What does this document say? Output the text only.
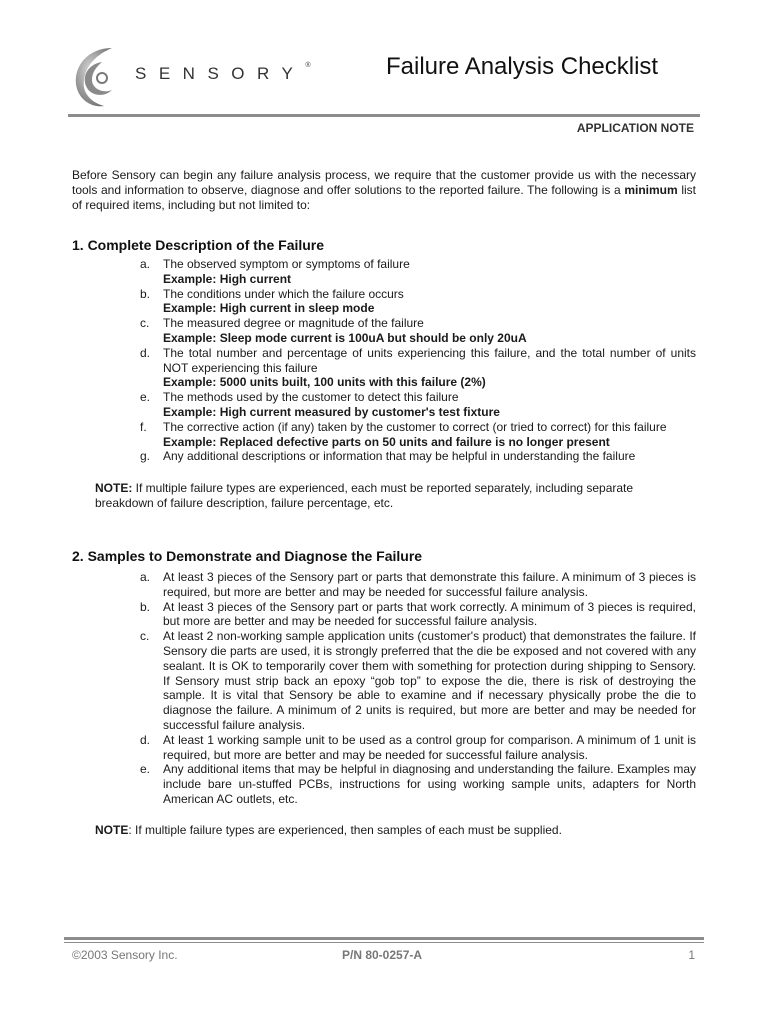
SENSORY®	Failure Analysis Checklist
APPLICATION NOTE
Before Sensory can begin any failure analysis process, we require that the customer provide us with the necessary tools and information to observe, diagnose and offer solutions to the reported failure. The following is a minimum list of required items, including but not limited to:
1. Complete Description of the Failure
a. The observed symptom or symptoms of failure
Example: High current
b. The conditions under which the failure occurs
Example: High current in sleep mode
c. The measured degree or magnitude of the failure
Example: Sleep mode current is 100uA but should be only 20uA
d. The total number and percentage of units experiencing this failure, and the total number of units NOT experiencing this failure
Example: 5000 units built, 100 units with this failure (2%)
e. The methods used by the customer to detect this failure
Example: High current measured by customer's test fixture
f. The corrective action (if any) taken by the customer to correct (or tried to correct) for this failure
Example: Replaced defective parts on 50 units and failure is no longer present
g. Any additional descriptions or information that may be helpful in understanding the failure
NOTE: If multiple failure types are experienced, each must be reported separately, including separate breakdown of failure description, failure percentage, etc.
2. Samples to Demonstrate and Diagnose the Failure
a. At least 3 pieces of the Sensory part or parts that demonstrate this failure. A minimum of 3 pieces is required, but more are better and may be needed for successful failure analysis.
b. At least 3 pieces of the Sensory part or parts that work correctly. A minimum of 3 pieces is required, but more are better and may be needed for successful failure analysis.
c. At least 2 non-working sample application units (customer's product) that demonstrates the failure. If Sensory die parts are used, it is strongly preferred that the die be exposed and not covered with any sealant. It is OK to temporarily cover them with something for protection during shipping to Sensory. If Sensory must strip back an epoxy “gob top” to expose the die, there is risk of destroying the sample. It is vital that Sensory be able to examine and if necessary physically probe the die to diagnose the failure. A minimum of 2 units is required, but more are better and may be needed for successful failure analysis.
d. At least 1 working sample unit to be used as a control group for comparison. A minimum of 1 unit is required, but more are better and may be needed for successful failure analysis.
e. Any additional items that may be helpful in diagnosing and understanding the failure. Examples may include bare un-stuffed PCBs, instructions for using working sample units, adapters for North American AC outlets, etc.
NOTE: If multiple failure types are experienced, then samples of each must be supplied.
©2003 Sensory Inc.	P/N 80-0257-A	1
